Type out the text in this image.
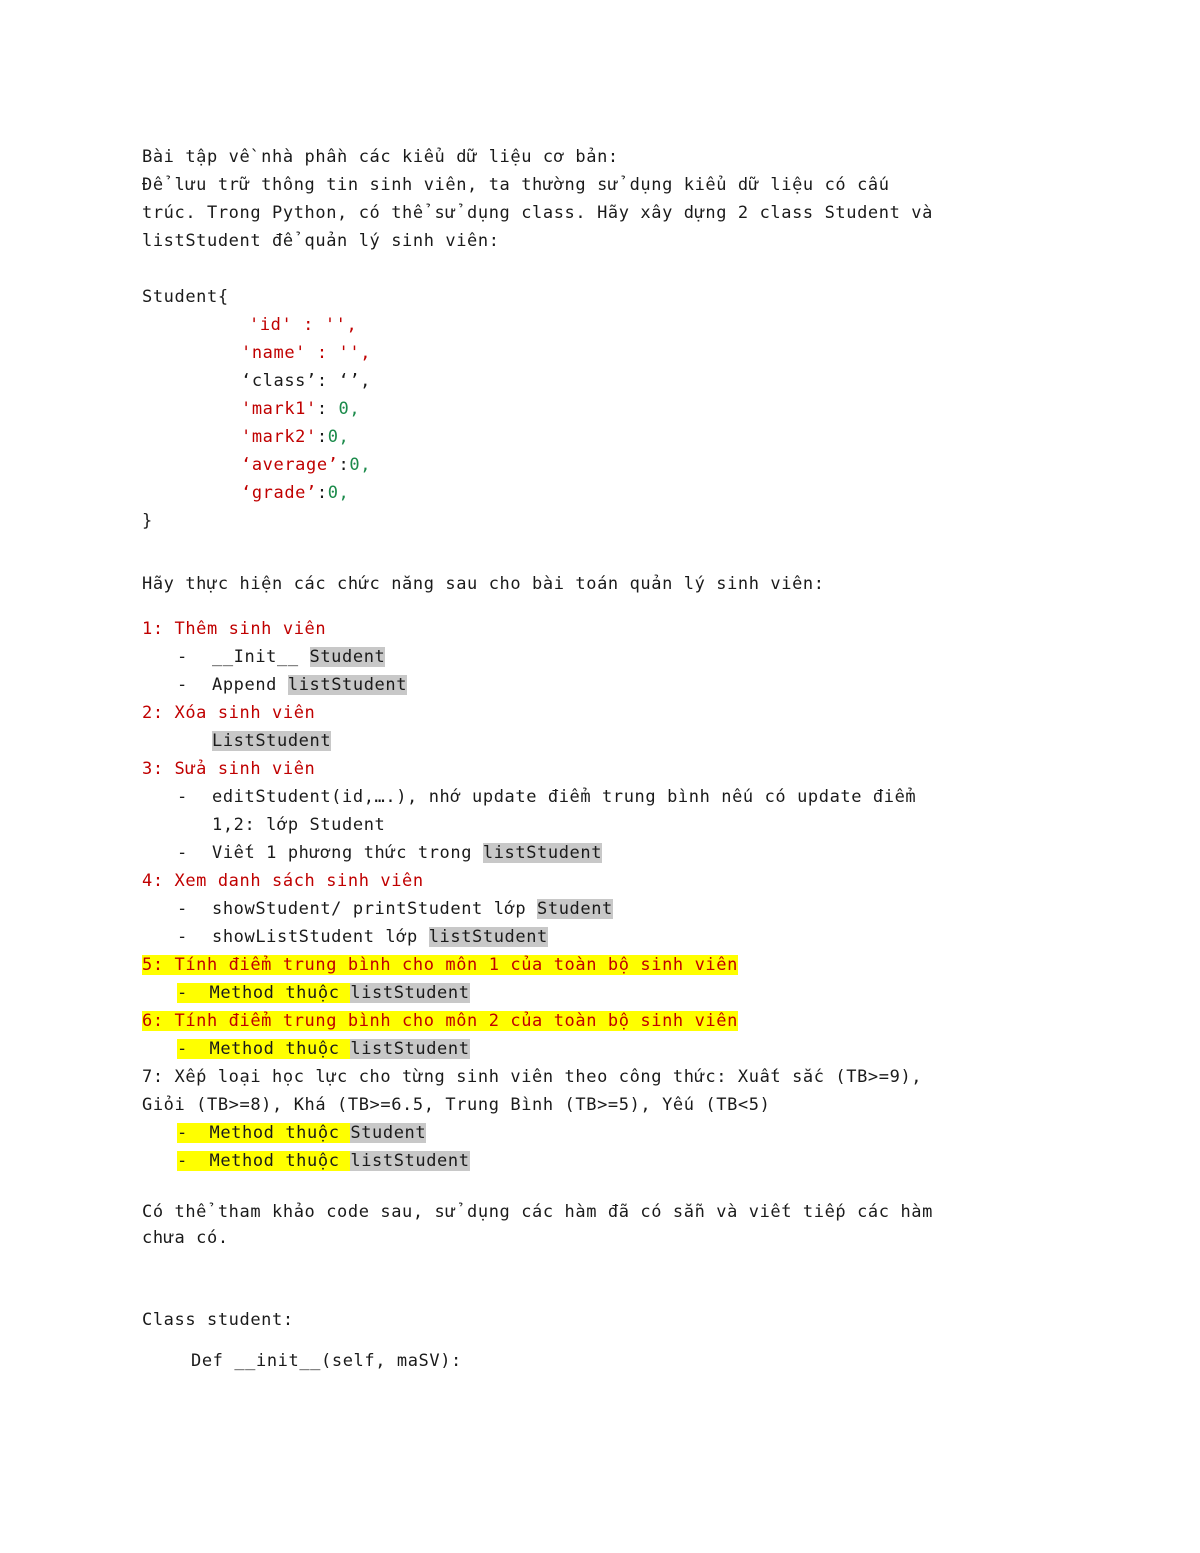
Bài tập về nhà phần các kiểu dữ liệu cơ bản:
Để lưu trữ thông tin sinh viên, ta thường sử dụng kiểu dữ liệu có cấu
trúc. Trong Python, có thể sử dụng class. Hãy xây dựng 2 class Student và
listStudent để quản lý sinh viên:
Student{
'id' : '',
'name' : '',
‘class’: ‘’,
'mark1': 0,
'mark2':0,
‘average’:0,
‘grade’:0,
}
Hãy thực hiện các chức năng sau cho bài toán quản lý sinh viên:
1: Thêm sinh viên
- __Init__ Student
- Append listStudent
2: Xóa sinh viên
ListStudent
3: Sửa sinh viên
- editStudent(id,….), nhớ update điểm trung bình nếu có update điểm
1,2: lớp Student
- Viết 1 phương thức trong listStudent
4: Xem danh sách sinh viên
- showStudent/ printStudent lớp Student
- showListStudent lớp listStudent
5: Tính điểm trung bình cho môn 1 của toàn bộ sinh viên
-  Method thuộc listStudent
6: Tính điểm trung bình cho môn 2 của toàn bộ sinh viên
-  Method thuộc listStudent
7: Xếp loại học lực cho từng sinh viên theo công thức: Xuất sắc (TB>=9),
Giỏi (TB>=8), Khá (TB>=6.5, Trung Bình (TB>=5), Yếu (TB<5)
-  Method thuộc Student
-  Method thuộc listStudent
Có thể tham khảo code sau, sử dụng các hàm đã có sẵn và viết tiếp các hàm
chưa có.
Class student:
Def __init__(self, maSV):
